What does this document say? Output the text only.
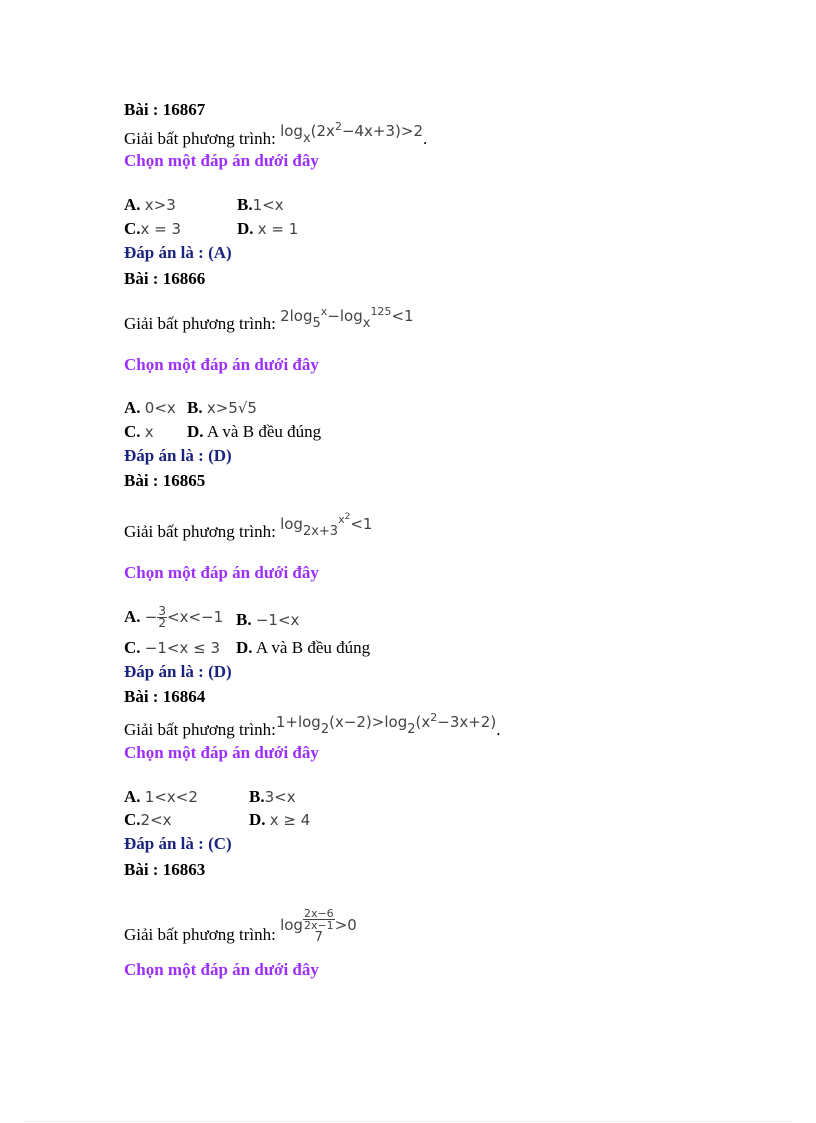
Bài : 16867
Giải bất phương trình: $\log x(2x^2-4x+3)>2$.
Chọn một đáp án dưới đây
A. x>3	B.1<x
C.x = 3	D. x = 1
Đáp án là : (A)
Bài : 16866
Giải bất phương trình: $2\log 5^x-\log x^{125}<1$
Chọn một đáp án dưới đây
A. 0<x B. x>5√5
C. x D. A và B đều đúng
Đáp án là : (D)
Bài : 16865
Giải bất phương trình: $\log 2x+3^{x^2}<1$
Chọn một đáp án dưới đây
A. − $\frac{3}{2} <x<-1$ B. −1<x
C. −1<x ≤ 3 D. A và B đều đúng
Đáp án là : (D)
Bài : 16864
Giải bất phương $trình:1+\log 2(x-2)>\log 2(x^2-3x+2)$.
Chọn một đáp án dưới đây
A. 1<x<2	B.3<x
C.2<x	D. x ≥ 4
Đáp án là : (C)
Bài : 16863
Giải bất phương trình: $\log \frac{2x-6}{2x-1}$

7>0
Chọn một đáp án dưới đây
